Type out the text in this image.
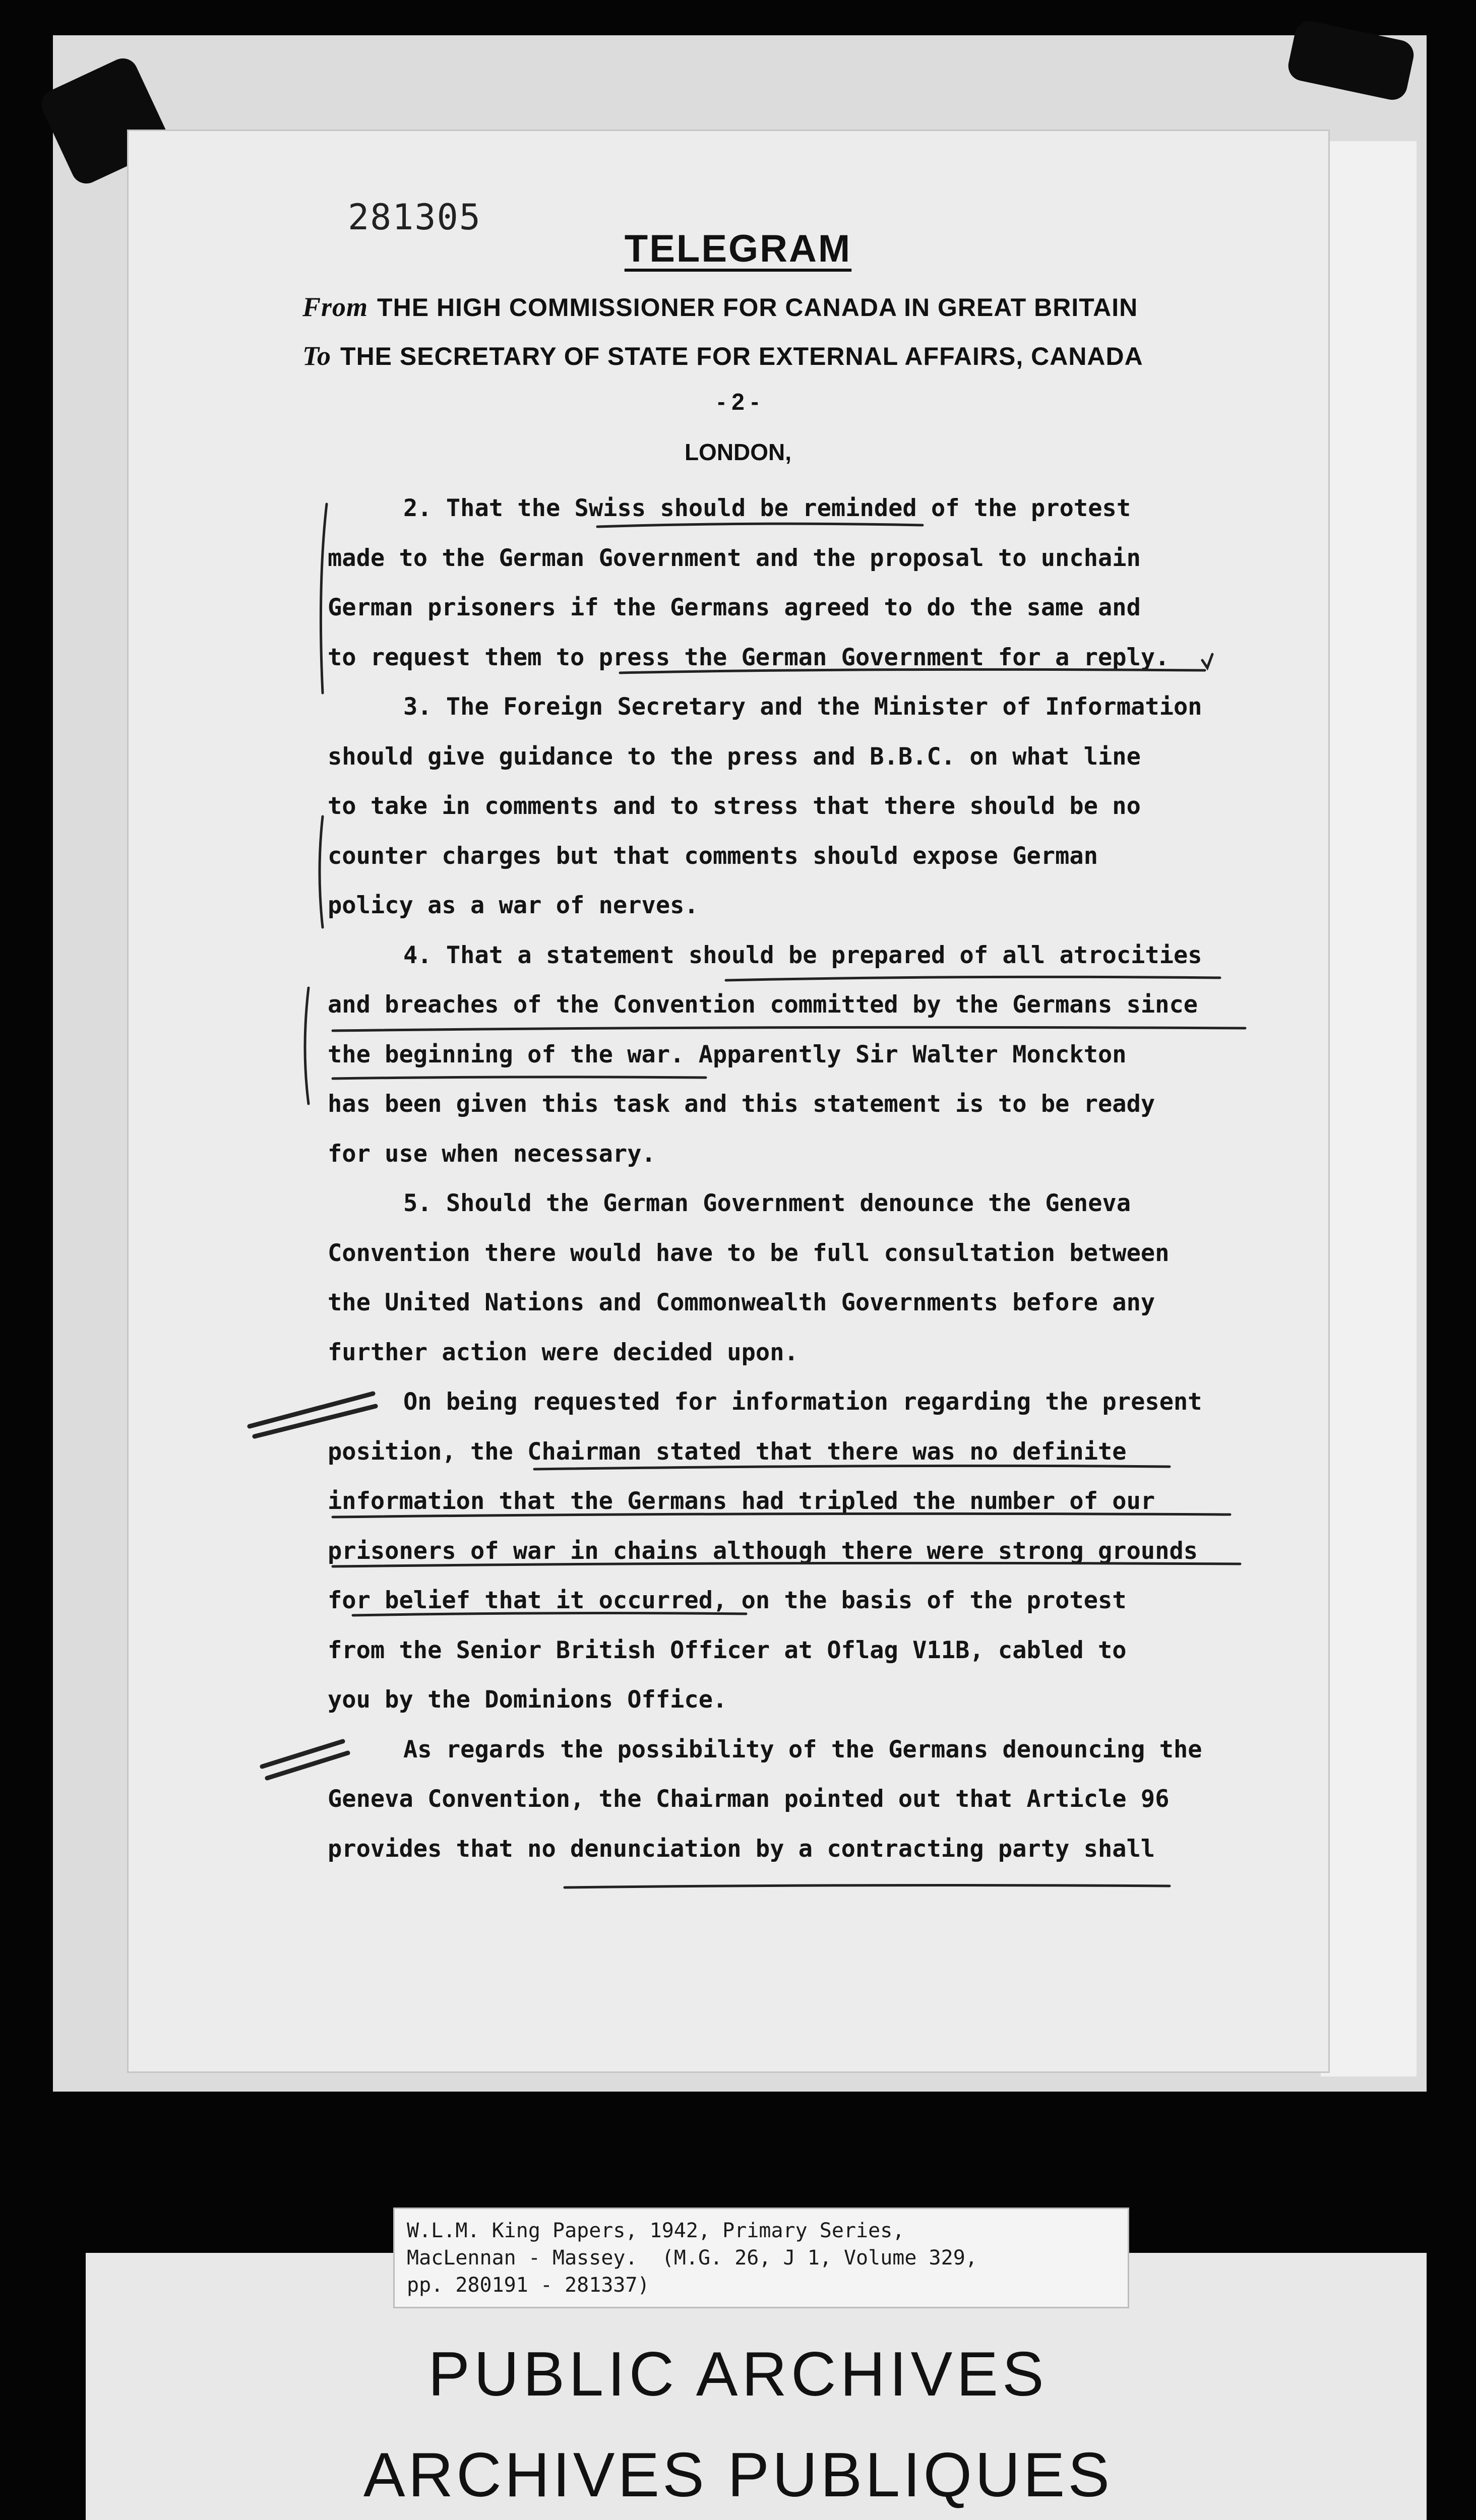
281305
TELEGRAM
From THE HIGH COMMISSIONER FOR CANADA IN GREAT BRITAIN
To THE SECRETARY OF STATE FOR EXTERNAL AFFAIRS, CANADA
- 2 -
LONDON,

2. That the Swiss should be reminded of the protest
made to the German Government and the proposal to unchain
German prisoners if the Germans agreed to do the same and
to request them to press the German Government for a reply.

3. The Foreign Secretary and the Minister of Information
should give guidance to the press and B.B.C. on what line
to take in comments and to stress that there should be no
counter charges but that comments should expose German
policy as a war of nerves.

4. That a statement should be prepared of all atrocities
and breaches of the Convention committed by the Germans since
the beginning of the war. Apparently Sir Walter Monckton
has been given this task and this statement is to be ready
for use when necessary.

5. Should the German Government denounce the Geneva
Convention there would have to be full consultation between
the United Nations and Commonwealth Governments before any
further action were decided upon.

On being requested for information regarding the present
position, the Chairman stated that there was no definite
information that the Germans had tripled the number of our
prisoners of war in chains although there were strong grounds
for belief that it occurred, on the basis of the protest
from the Senior British Officer at Oflag V11B, cabled to
you by the Dominions Office.

As regards the possibility of the Germans denouncing the
Geneva Convention, the Chairman pointed out that Article 96
provides that no denunciation by a contracting party shall

W.L.M. King Papers, 1942, Primary Series,
MacLennan - Massey.  (M.G. 26, J 1, Volume 329,
pp. 280191 - 281337)
PUBLIC ARCHIVES
ARCHIVES PUBLIQUES
